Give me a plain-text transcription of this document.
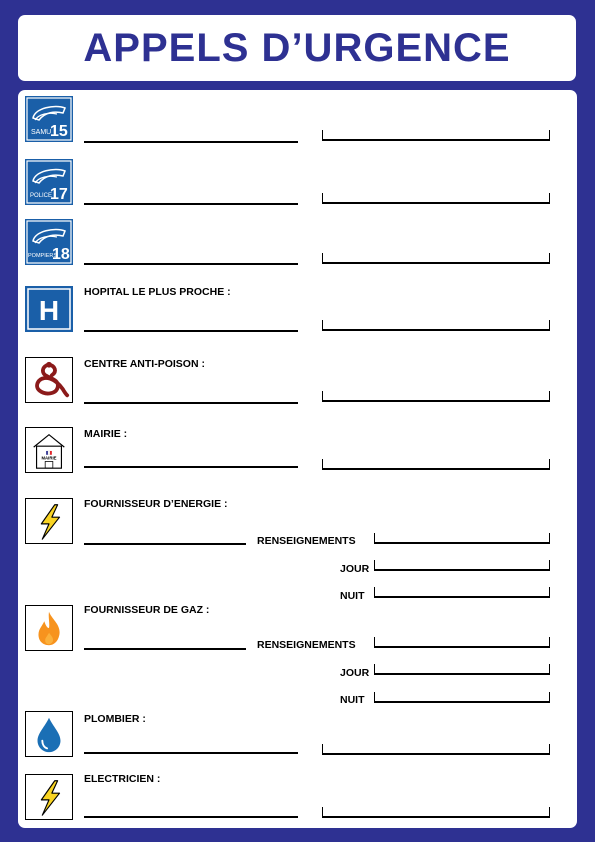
APPELS D’URGENCE
SAMU
15
POLICE
17
POMPIERS
18
H
HOPITAL LE PLUS PROCHE :
CENTRE ANTI-POISON :
MAIRIE
MAIRIE :
FOURNISSEUR D’ENERGIE :
RENSEIGNEMENTS
JOUR
NUIT
FOURNISSEUR DE GAZ :
RENSEIGNEMENTS
JOUR
NUIT
PLOMBIER :
ELECTRICIEN :
